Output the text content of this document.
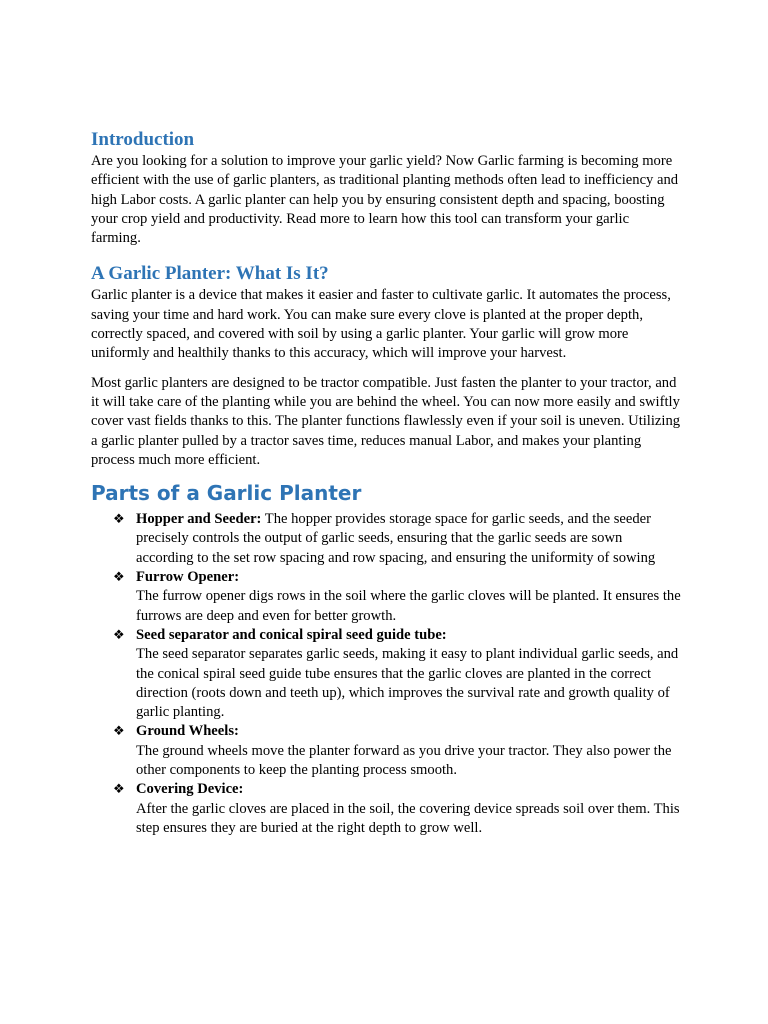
Introduction

Are you looking for a solution to improve your garlic yield? Now Garlic farming is becoming more efficient with the use of garlic planters, as traditional planting methods often lead to inefficiency and high Labor costs. A garlic planter can help you by ensuring consistent depth and spacing, boosting your crop yield and productivity. Read more to learn how this tool can transform your garlic farming.

A Garlic Planter: What Is It?

Garlic planter is a device that makes it easier and faster to cultivate garlic. It automates the process, saving your time and hard work. You can make sure every clove is planted at the proper depth, correctly spaced, and covered with soil by using a garlic planter. Your garlic will grow more uniformly and healthily thanks to this accuracy, which will improve your harvest.

Most garlic planters are designed to be tractor compatible. Just fasten the planter to your tractor, and it will take care of the planting while you are behind the wheel. You can now more easily and swiftly cover vast fields thanks to this. The planter functions flawlessly even if your soil is uneven. Utilizing a garlic planter pulled by a tractor saves time, reduces manual Labor, and makes your planting process much more efficient.

Parts of a Garlic Planter
❖ Hopper and Seeder: The hopper provides storage space for garlic seeds, and the seeder precisely controls the output of garlic seeds, ensuring that the garlic seeds are sown according to the set row spacing and row spacing, and ensuring the uniformity of sowing
❖ Furrow Opener:
The furrow opener digs rows in the soil where the garlic cloves will be planted. It ensures the furrows are deep and even for better growth.
❖ Seed separator and conical spiral seed guide tube:
The seed separator separates garlic seeds, making it easy to plant individual garlic seeds, and the conical spiral seed guide tube ensures that the garlic cloves are planted in the correct direction (roots down and teeth up), which improves the survival rate and growth quality of garlic planting.
❖ Ground Wheels:
The ground wheels move the planter forward as you drive your tractor. They also power the other components to keep the planting process smooth.
❖ Covering Device:
After the garlic cloves are placed in the soil, the covering device spreads soil over them. This step ensures they are buried at the right depth to grow well.
